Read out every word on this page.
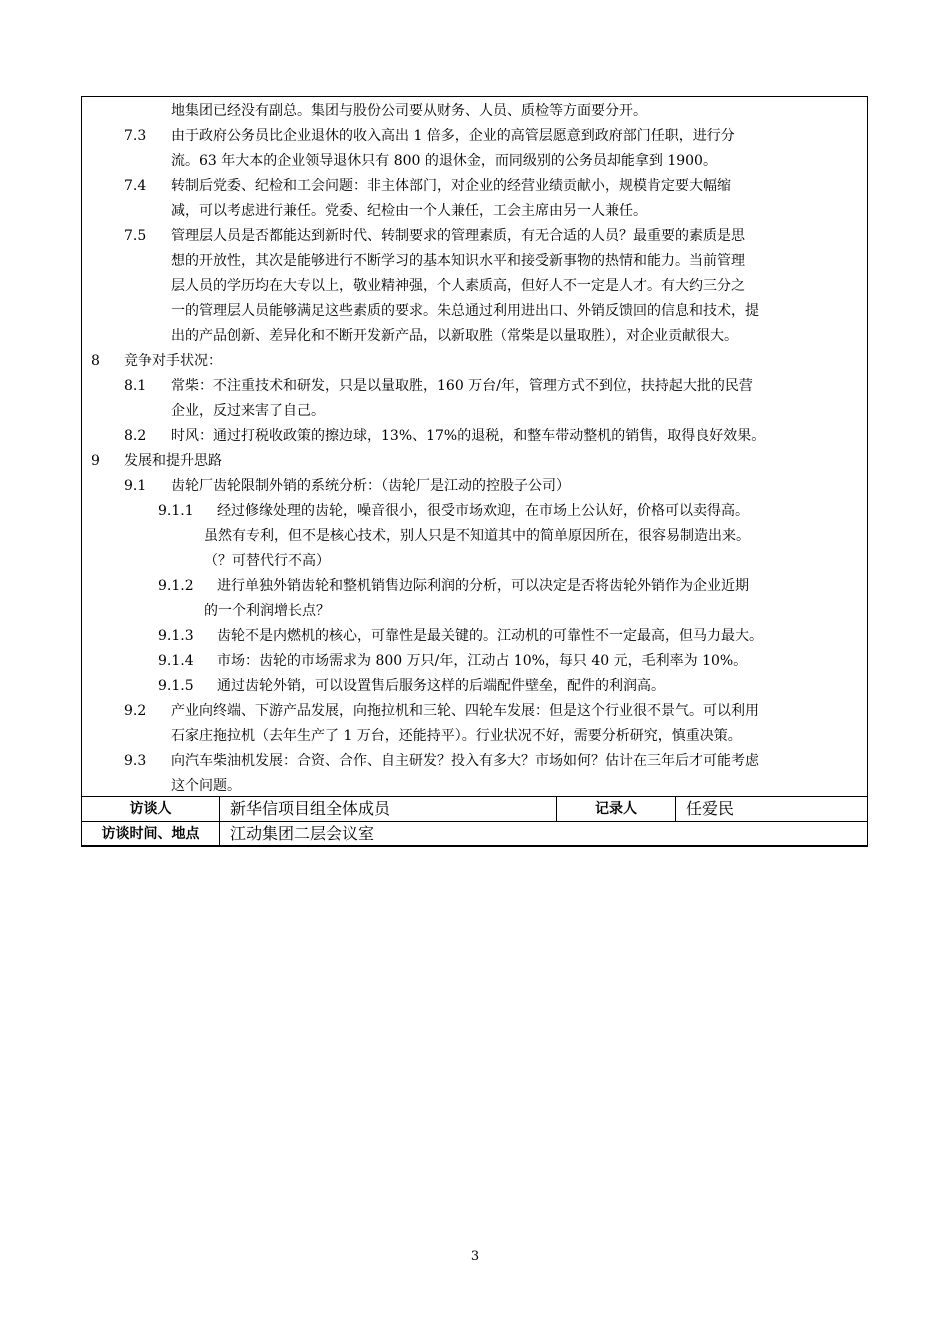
地集团已经没有副总。集团与股份公司要从财务、人员、质检等方面要分开。
7.3 由于政府公务员比企业退休的收入高出 1 倍多，企业的高管层愿意到政府部门任职，进行分
流。63 年大本的企业领导退休只有 800 的退休金，而同级别的公务员却能拿到 1900。
7.4 转制后党委、纪检和工会问题：非主体部门，对企业的经营业绩贡献小，规模肯定要大幅缩
减，可以考虑进行兼任。党委、纪检由一个人兼任，工会主席由另一人兼任。
7.5 管理层人员是否都能达到新时代、转制要求的管理素质，有无合适的人员？最重要的素质是思
想的开放性，其次是能够进行不断学习的基本知识水平和接受新事物的热情和能力。当前管理
层人员的学历均在大专以上，敬业精神强，个人素质高，但好人不一定是人才。有大约三分之
一的管理层人员能够满足这些素质的要求。朱总通过利用进出口、外销反馈回的信息和技术，提
出的产品创新、差异化和不断开发新产品，以新取胜（常柴是以量取胜），对企业贡献很大。
8 竞争对手状况：
8.1 常柴：不注重技术和研发，只是以量取胜，160 万台/年，管理方式不到位，扶持起大批的民营
企业，反过来害了自己。
8.2 时风：通过打税收政策的擦边球，13%、17%的退税，和整车带动整机的销售，取得良好效果。
9 发展和提升思路
9.1 齿轮厂齿轮限制外销的系统分析：（齿轮厂是江动的控股子公司）
9.1.1 经过修缘处理的齿轮，噪音很小，很受市场欢迎，在市场上公认好，价格可以卖得高。
虽然有专利，但不是核心技术，别人只是不知道其中的简单原因所在，很容易制造出来。
（？可替代行不高）
9.1.2 进行单独外销齿轮和整机销售边际利润的分析，可以决定是否将齿轮外销作为企业近期
的一个利润增长点？
9.1.3 齿轮不是内燃机的核心，可靠性是最关键的。江动机的可靠性不一定最高，但马力最大。
9.1.4 市场：齿轮的市场需求为 800 万只/年，江动占 10%，每只 40 元，毛利率为 10%。
9.1.5 通过齿轮外销，可以设置售后服务这样的后端配件壁垒，配件的利润高。
9.2 产业向终端、下游产品发展，向拖拉机和三轮、四轮车发展：但是这个行业很不景气。可以利用
石家庄拖拉机（去年生产了 1 万台，还能持平）。行业状况不好，需要分析研究，慎重决策。
9.3 向汽车柴油机发展：合资、合作、自主研发？投入有多大？市场如何？估计在三年后才可能考虑
这个问题。
访谈人	新华信项目组全体成员	记录人	任爱民
访谈时间、地点	江动集团二层会议室
3
